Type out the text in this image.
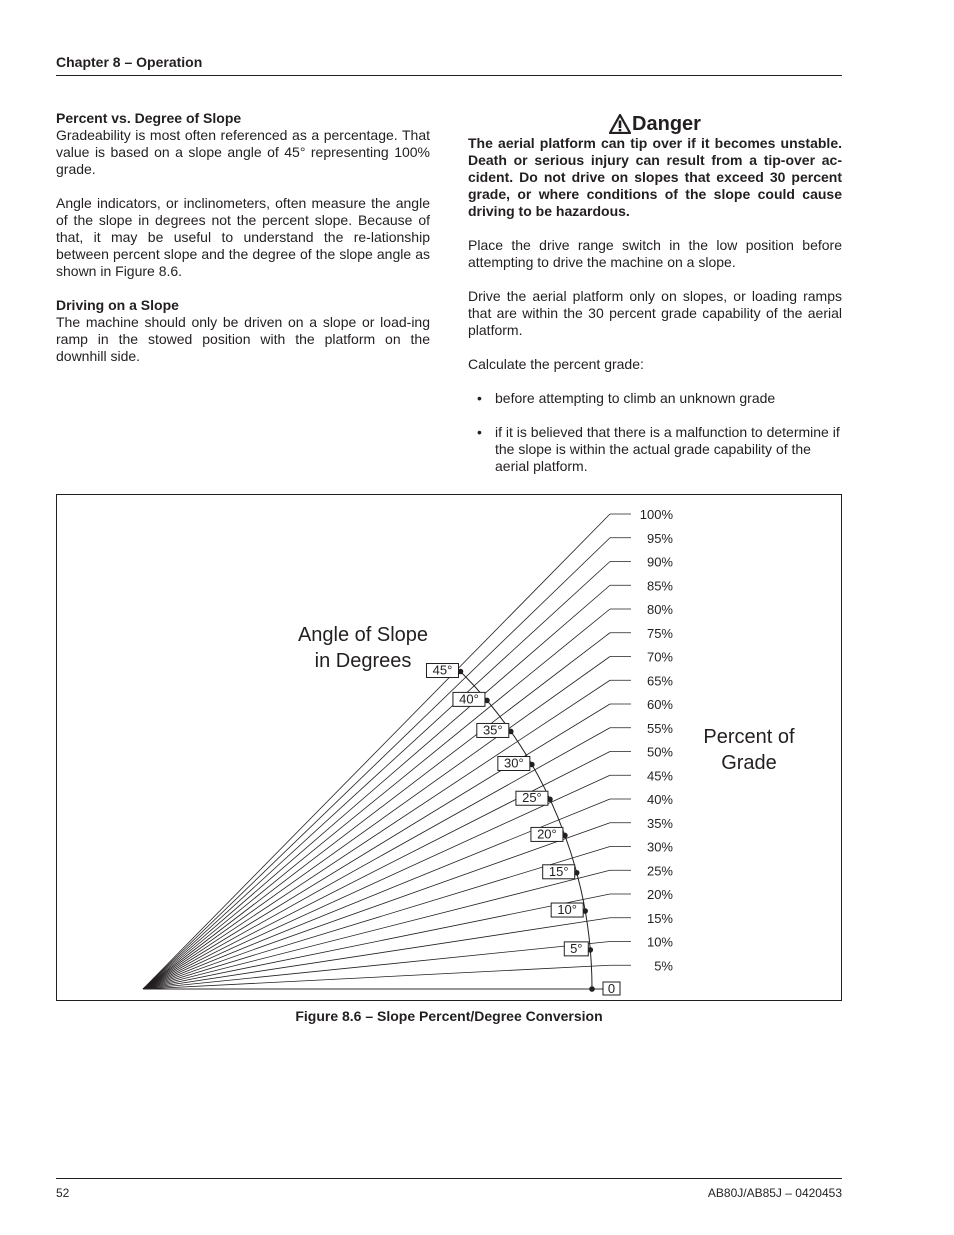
Chapter 8 – Operation
Percent vs. Degree of Slope

Gradeability is most often referenced as a percentage. That value is based on a slope angle of 45° representing 100% grade.

Angle indicators, or inclinometers, often measure the angle of the slope in degrees not the percent slope. Because of that, it may be useful to understand the re-lationship between percent slope and the degree of the slope angle as shown in Figure 8.6.

Driving on a Slope

The machine should only be driven on a slope or load-ing ramp in the stowed position with the platform on the downhill side.

Danger

The aerial platform can tip over if it becomes unstable. Death or serious injury can result from a tip-over ac-cident. Do not drive on slopes that exceed 30 percent grade, or where conditions of the slope could cause driving to be hazardous.

Place the drive range switch in the low position before attempting to drive the machine on a slope.

Drive the aerial platform only on slopes, or loading ramps that are within the 30 percent grade capability of the aerial platform.

Calculate the percent grade:

• before attempting to climb an unknown grade
• if it is believed that there is a malfunction to determine if the slope is within the actual grade capability of the aerial platform.
5%
10%
15%
20%
25%
30%
35%
40%
45%
50%
55%
60%
65%
70%
75%
80%
85%
90%
95%
100%
0
5°
10°
15°
20°
25°
30°
35°
40°
45°
Angle of Slope
in Degrees
Percent of
Grade
Figure 8.6 – Slope Percent/Degree Conversion
52	AB80J/AB85J – 0420453
